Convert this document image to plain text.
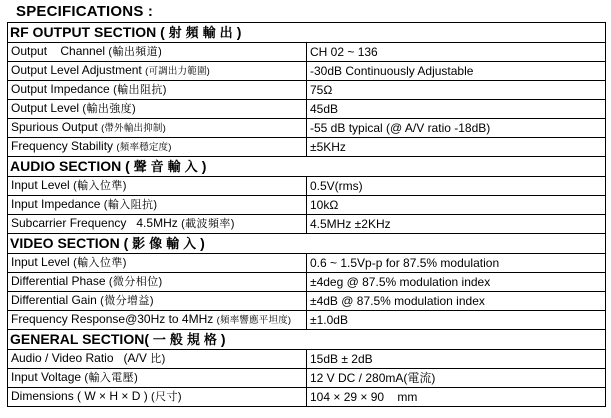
SPECIFICATIONS :
RF OUTPUT SECTION ( 射頻輸出)	
Output    Channel (輸出頻道)	CH 02 ~ 136
Output Level Adjustment (可調出力範圍)	-30dB Continuously Adjustable
Output Impedance (輸出阻抗)	75Ω
Output Level (輸出強度)	45dB
Spurious Output (帶外輸出抑制)	-55 dB typical (@ A/V ratio -18dB)
Frequency Stability (頻率穩定度)	±5KHz
AUDIO SECTION ( 聲音輸入)	
Input Level (輸入位準)	0.5V(rms)
Input Impedance (輸入阻抗)	10kΩ
Subcarrier Frequency   4.5MHz (載波頻率)	4.5MHz ±2KHz
VIDEO SECTION ( 影像輸入)	
Input Level (輸入位準)	0.6 ~ 1.5Vp-p for 87.5% modulation
Differential Phase (微分相位)	±4deg @ 87.5% modulation index
Differential Gain (微分增益)	±4dB @ 87.5% modulation index
Frequency Response@30Hz to 4MHz (頻率響應平坦度)	±1.0dB
GENERAL SECTION( 一般規格)	
Audio / Video Ratio   (A/V 比)	15dB ± 2dB
Input Voltage (輸入電壓)	12 V DC / 280mA(電流)
Dimensions ( W × H × D ) (尺寸)	104 × 29 × 90    mm
